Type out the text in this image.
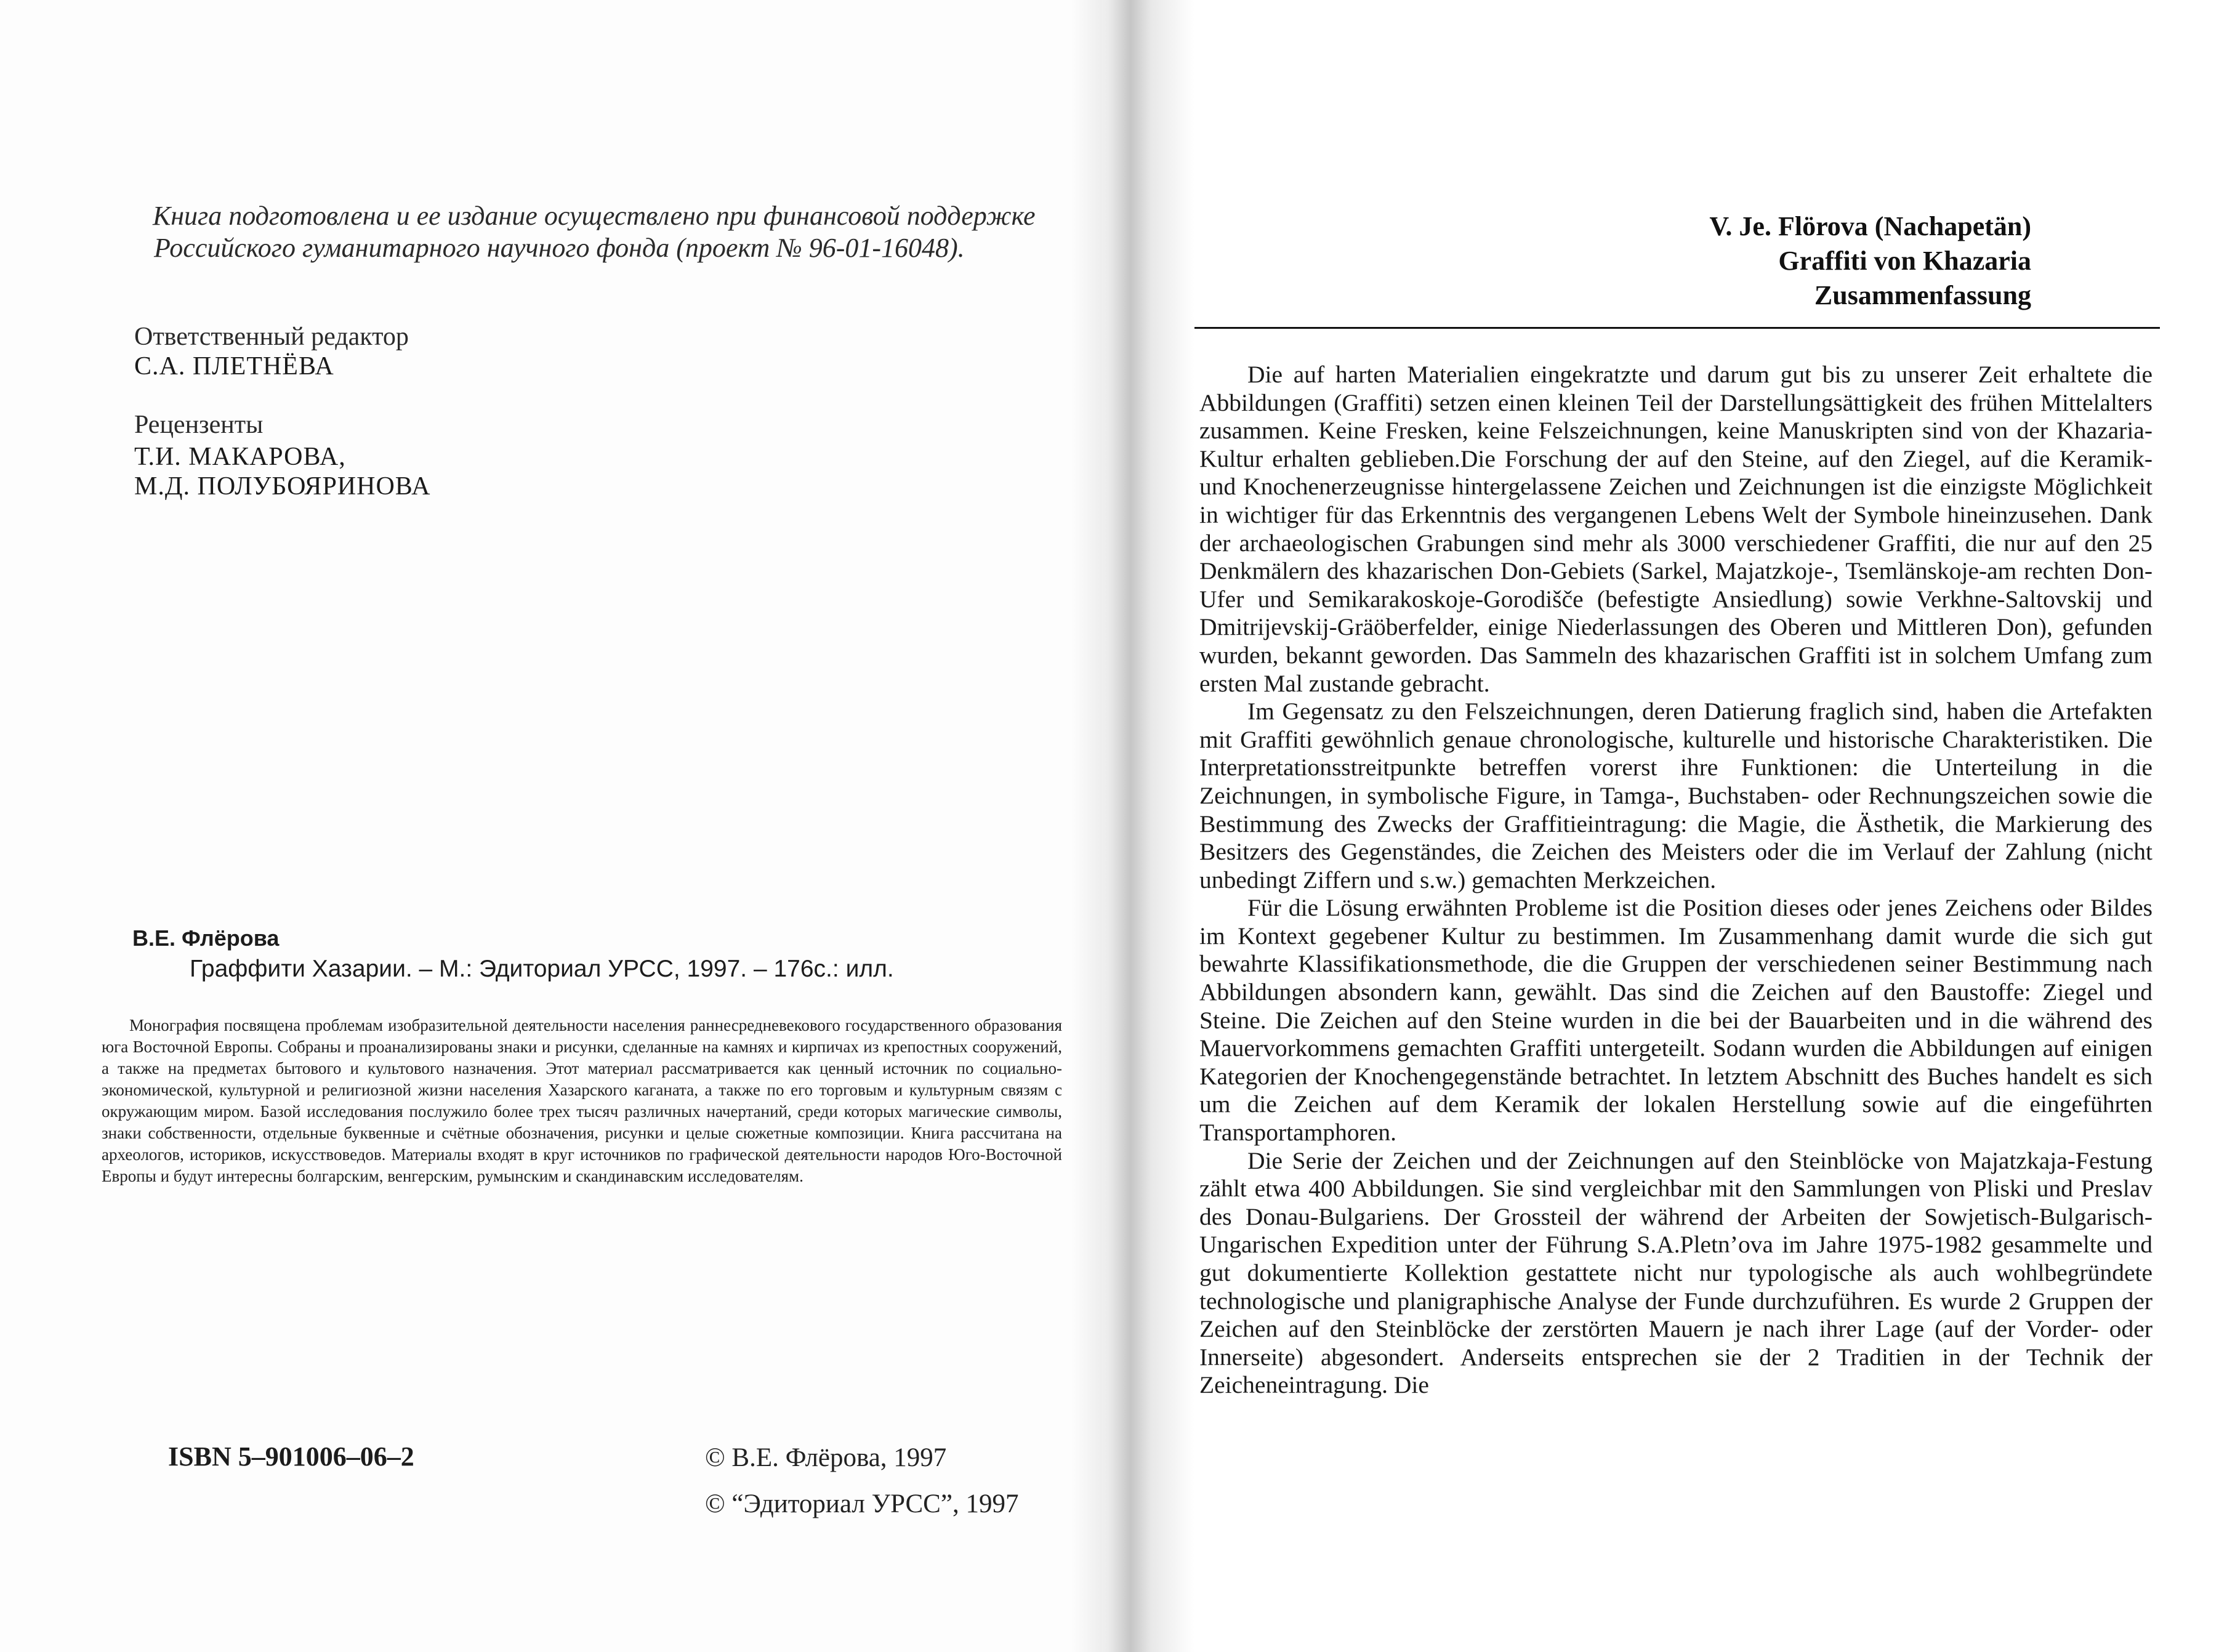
Книга подготовлена и ее издание осуществлено при финансовой поддержке
Российского гуманитарного научного фонда (проект № 96-01-16048).
Ответственный редактор
С.А. ПЛЕТНЁВА
Рецензенты
Т.И. МАКАРОВА,
М.Д. ПОЛУБОЯРИНОВА
В.Е. Флёрова
Граффити Хазарии. – М.: Эдиториал УРСС, 1997. – 176с.: илл.
Монография посвящена проблемам изобразительной деятельности населения раннесредневекового государственного образования юга Восточной Европы. Собраны и проанализированы знаки и рисунки, сделанные на камнях и кирпичах из крепостных сооружений, а также на предметах бытового и культового назначения. Этот материал рассматривается как ценный источник по социально-экономической, культурной и религиозной жизни населения Хазарского каганата, а также по его торговым и культурным связям с окружающим миром. Базой исследования послужило более трех тысяч различных начертаний, среди которых магические символы, знаки собственности, отдельные буквенные и счётные обозначения, рисунки и целые сюжетные композиции. Книга рассчитана на археологов, историков, искусствоведов. Материалы входят в круг источников по графической деятельности народов Юго-Восточной Европы и будут интересны болгарским, венгерским, румынским и скандинавским исследователям.
ISBN 5–901006–06–2	© В.Е. Флёрова, 1997
© “Эдиториал УРСС”, 1997
V. Je. Flörova (Nachapetän)
Graffiti von Khazaria
Zusammenfassung

Die auf harten Materialien eingekratzte und darum gut bis zu unserer Zeit erhaltete die Abbildungen (Graffiti) setzen einen kleinen Teil der Darstellungsättigkeit des frühen Mittelalters zusammen. Keine Fresken, keine Felszeichnungen, keine Manuskripten sind von der Khazaria-Kultur erhalten geblieben.Die Forschung der auf den Steine, auf den Ziegel, auf die Keramik- und Knochenerzeugnisse hintergelassene Zeichen und Zeichnungen ist die einzigste Möglichkeit in wichtiger für das Erkenntnis des vergangenen Lebens Welt der Symbole hineinzusehen. Dank der archaeologischen Grabungen sind mehr als 3000 verschiedener Graffiti, die nur auf den 25 Denkmälern des khazarischen Don-Gebiets (Sarkel, Majatzkoje-, Tsemlänskoje-am rechten Don-Ufer und Semikarakoskoje-Gorodišče (befestigte Ansiedlung) sowie Verkhne-Saltovskij und Dmitrijevskij-Gräöberfelder, einige Niederlassungen des Oberen und Mittleren Don), gefunden wurden, bekannt geworden. Das Sammeln des khazarischen Graffiti ist in solchem Umfang zum ersten Mal zustande gebracht.

Im Gegensatz zu den Felszeichnungen, deren Datierung fraglich sind, haben die Artefakten mit Graffiti gewöhnlich genaue chronologische, kulturelle und historische Charakteristiken. Die Interpretationsstreitpunkte betreffen vorerst ihre Funktionen: die Unterteilung in die Zeichnungen, in symbolische Figure, in Tamga-, Buchstaben- oder Rechnungszeichen sowie die Bestimmung des Zwecks der Graffitieintragung: die Magie, die Ästhetik, die Markierung des Besitzers des Gegenständes, die Zeichen des Meisters oder die im Verlauf der Zahlung (nicht unbedingt Ziffern und s.w.) gemachten Merkzeichen.

Für die Lösung erwähnten Probleme ist die Position dieses oder jenes Zeichens oder Bildes im Kontext gegebener Kultur zu bestimmen. Im Zusammenhang damit wurde die sich gut bewahrte Klassifikationsmethode, die die Gruppen der verschiedenen seiner Bestimmung nach Abbildungen absondern kann, gewählt. Das sind die Zeichen auf den Baustoffe: Ziegel und Steine. Die Zeichen auf den Steine wurden in die bei der Bauarbeiten und in die während des Mauervorkommens gemachten Graffiti untergeteilt. Sodann wurden die Abbildungen auf einigen Kategorien der Knochengegenstände betrachtet. In letztem Abschnitt des Buches handelt es sich um die Zeichen auf dem Keramik der lokalen Herstellung sowie auf die eingeführten Transportamphoren.

Die Serie der Zeichen und der Zeichnungen auf den Steinblöcke von Majatzkaja-Festung zählt etwa 400 Abbildungen. Sie sind vergleichbar mit den Sammlungen von Pliski und Preslav des Donau-Bulgariens. Der Grossteil der während der Arbeiten der Sowjetisch-Bulgarisch-Ungarischen Expedition unter der Führung S.A.Pletn’ova im Jahre 1975-1982 gesammelte und gut dokumentierte Kollektion gestattete nicht nur typologische als auch wohlbegründete technologische und planigraphische Analyse der Funde durchzuführen. Es wurde 2 Gruppen der Zeichen auf den Steinblöcke der zerstörten Mauern je nach ihrer Lage (auf der Vorder- oder Innerseite) abgesondert. Anderseits entsprechen sie der 2 Traditien in der Technik der Zeicheneintragung. Die
